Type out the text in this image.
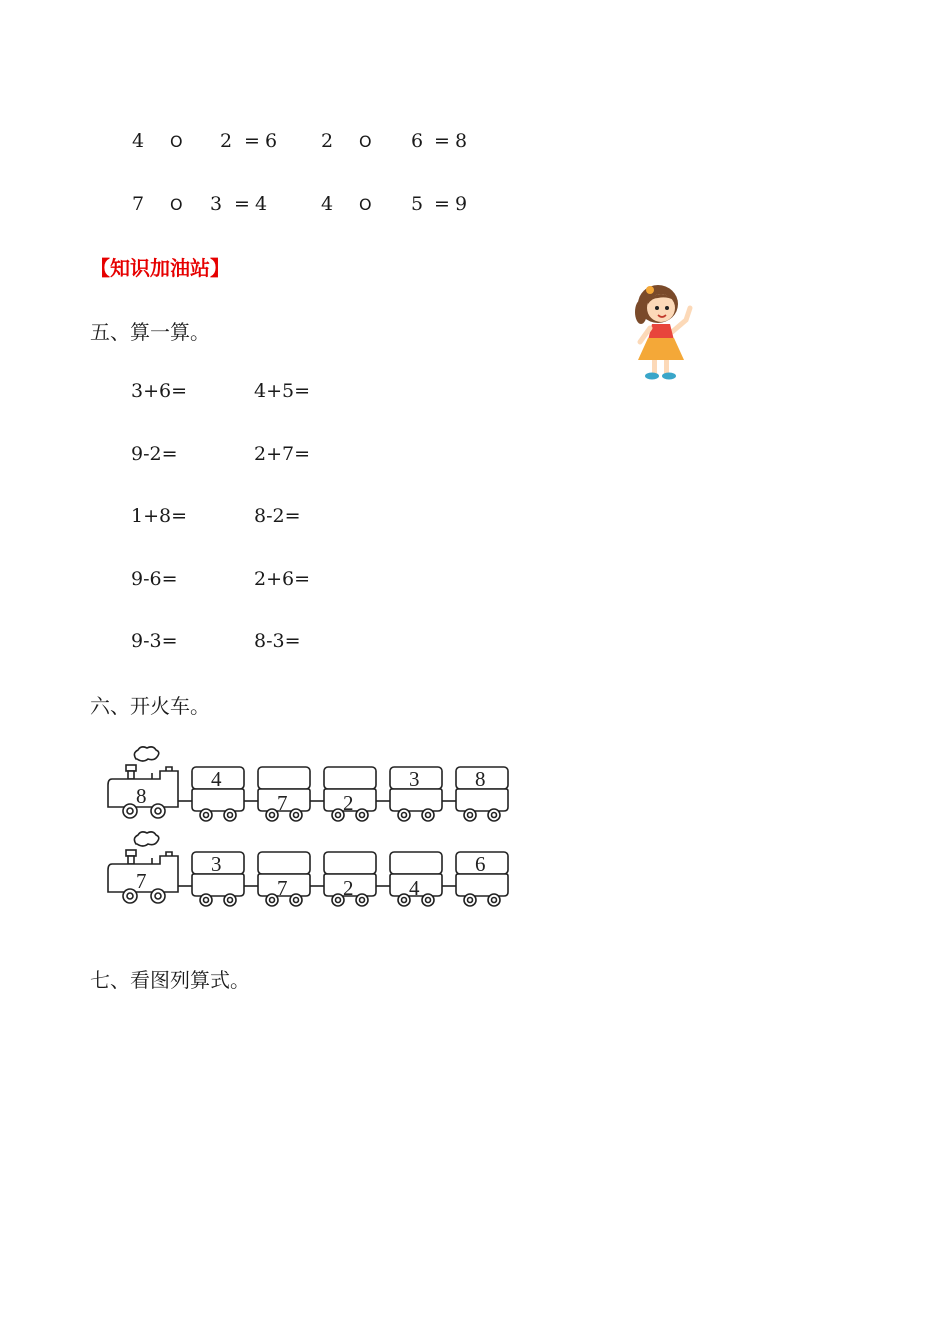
4 O 2 = 6 2 O 6 = 8
7 O 3 = 4	4 O 5 = 9
【知识加油站】
五、算一算。
3+6=	4+5=
9-2=	2+7=
1+8=	8-2=
9-6=	2+6=
9-3=	8-3=
六、开火车。
8
4
7	2
3	8
7
3
7	2	4
6
七、看图列算式。
